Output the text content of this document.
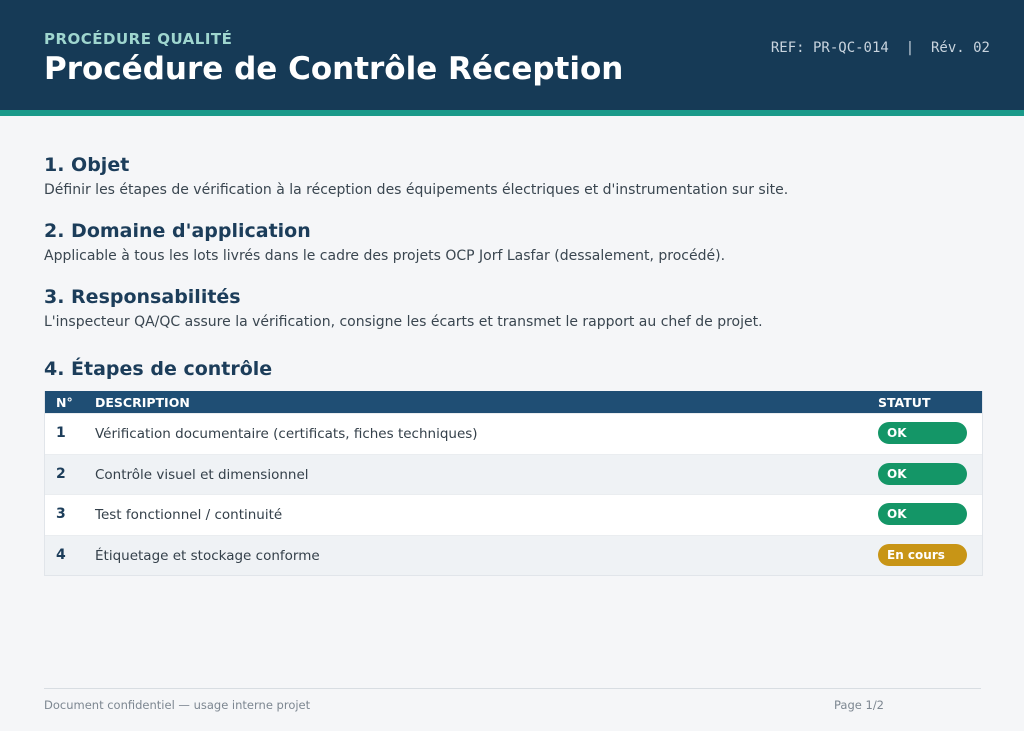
PROCÉDURE QUALITÉ
Procédure de Contrôle Réception
REF: PR-QC-014  |  Rév. 02
1. Objet

Définir les étapes de vérification à la réception des équipements électriques et d'instrumentation sur site.

2. Domaine d'application

Applicable à tous les lots livrés dans le cadre des projets OCP Jorf Lasfar (dessalement, procédé).

3. Responsabilités

L'inspecteur QA/QC assure la vérification, consigne les écarts et transmet le rapport au chef de projet.

4. Étapes de contrôle
N° DESCRIPTION	STATUT
1 Vérification documentaire (certificats, fiches techniques)	OK
2 Contrôle visuel et dimensionnel	OK
3 Test fonctionnel / continuité	OK
4 Étiquetage et stockage conforme	En cours
Document confidentiel — usage interne projet	Page 1/2
